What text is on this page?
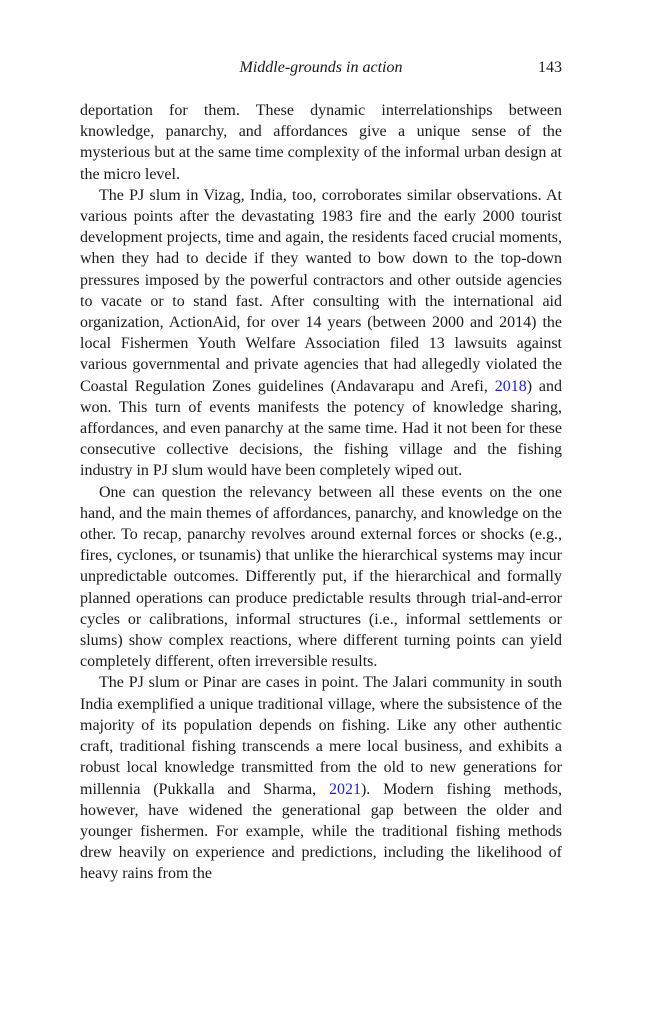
Middle-grounds in action	143

deportation for them. These dynamic interrelationships between knowledge, panarchy, and affordances give a unique sense of the mysterious but at the same time complexity of the informal urban design at the micro level.

The PJ slum in Vizag, India, too, corroborates similar observations. At various points after the devastating 1983 fire and the early 2000 tourist development projects, time and again, the residents faced crucial moments, when they had to decide if they wanted to bow down to the top-down pressures imposed by the powerful contractors and other outside agencies to vacate or to stand fast. After consulting with the international aid organization, ActionAid, for over 14 years (between 2000 and 2014) the local Fishermen Youth Welfare Association filed 13 lawsuits against various governmental and private agencies that had allegedly violated the Coastal Regulation Zones guidelines (Andavarapu and Arefi, 2018) and won. This turn of events manifests the potency of knowledge sharing, affordances, and even panarchy at the same time. Had it not been for these consecutive collective decisions, the fishing village and the fishing industry in PJ slum would have been completely wiped out.

One can question the relevancy between all these events on the one hand, and the main themes of affordances, panarchy, and knowledge on the other. To recap, panarchy revolves around external forces or shocks (e.g., fires, cyclones, or tsunamis) that unlike the hierarchical systems may incur unpredictable outcomes. Differently put, if the hierarchical and formally planned operations can produce predictable results through trial-and-error cycles or calibrations, informal structures (i.e., informal settlements or slums) show complex reactions, where different turning points can yield completely different, often irreversible results.

The PJ slum or Pinar are cases in point. The Jalari community in south India exemplified a unique traditional village, where the subsistence of the majority of its population depends on fishing. Like any other authentic craft, traditional fishing transcends a mere local business, and exhibits a robust local knowledge transmitted from the old to new generations for millennia (Pukkalla and Sharma, 2021). Modern fishing methods, however, have widened the generational gap between the older and younger fishermen. For example, while the traditional fishing methods drew heavily on experience and predictions, including the likelihood of heavy rains from the
